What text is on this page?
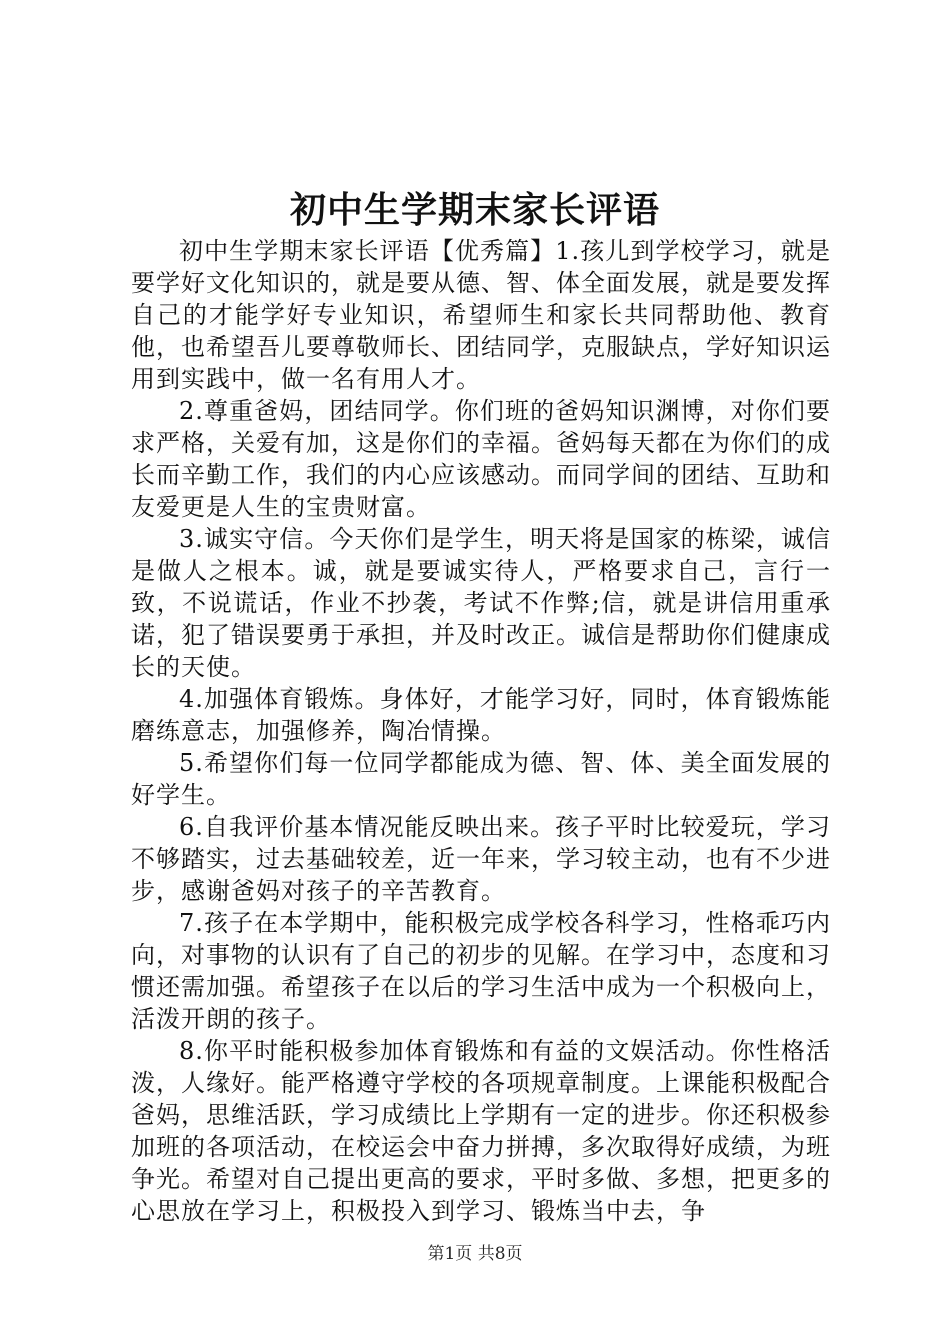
初中生学期末家长评语

初中生学期末家长评语【优秀篇】1.孩儿到学校学习，就是要学好文化知识的，就是要从德、智、体全面发展，就是要发挥自己的才能学好专业知识，希望师生和家长共同帮助他、教育他，也希望吾儿要尊敬师长、团结同学，克服缺点，学好知识运用到实践中，做一名有用人才。

2.尊重爸妈，团结同学。你们班的爸妈知识渊博，对你们要求严格，关爱有加，这是你们的幸福。爸妈每天都在为你们的成长而辛勤工作，我们的内心应该感动。而同学间的团结、互助和友爱更是人生的宝贵财富。

3.诚实守信。今天你们是学生，明天将是国家的栋梁，诚信是做人之根本。诚，就是要诚实待人，严格要求自己，言行一致，不说谎话，作业不抄袭，考试不作弊;信，就是讲信用重承诺，犯了错误要勇于承担，并及时改正。诚信是帮助你们健康成长的天使。

4.加强体育锻炼。身体好，才能学习好，同时，体育锻炼能磨练意志，加强修养，陶冶情操。

5.希望你们每一位同学都能成为德、智、体、美全面发展的好学生。

6.自我评价基本情况能反映出来。孩子平时比较爱玩，学习不够踏实，过去基础较差，近一年来，学习较主动，也有不少进步，感谢爸妈对孩子的辛苦教育。

7.孩子在本学期中，能积极完成学校各科学习，性格乖巧内向，对事物的认识有了自己的初步的见解。在学习中，态度和习惯还需加强。希望孩子在以后的学习生活中成为一个积极向上，活泼开朗的孩子。

8.你平时能积极参加体育锻炼和有益的文娱活动。你性格活泼，人缘好。能严格遵守学校的各项规章制度。上课能积极配合爸妈，思维活跃，学习成绩比上学期有一定的进步。你还积极参加班的各项活动，在校运会中奋力拼搏，多次取得好成绩，为班争光。希望对自己提出更高的要求，平时多做、多想，把更多的心思放在学习上，积极投入到学习、锻炼当中去，争

第1页 共8页
